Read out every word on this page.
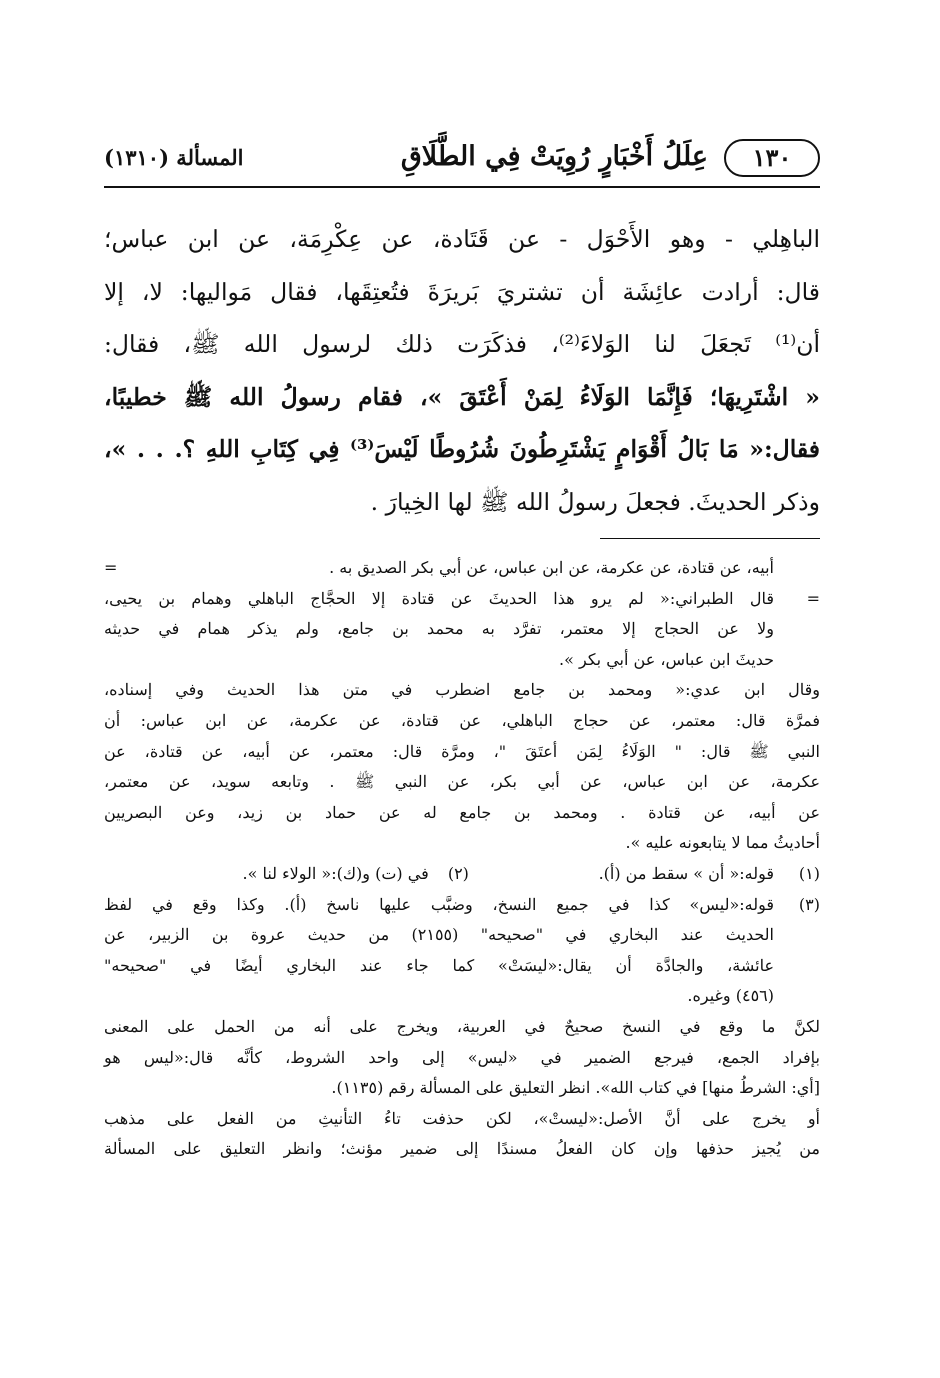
١٣٠
عِلَلُ أَخْبَارٍ رُوِيَتْ فِي الطَّلَاقِ
المسألة (١٣١٠)

الباهِلي - وهو الأَحْوَل - عن قَتَادة، عن عِكْرِمَة، عن ابن عباس؛

قال: أرادت عائِشَة أن تشتريَ بَريرَةَ فتُعتِقَها، فقال مَواليها: لا، إلا

أن⁽¹⁾ تَجعَلَ لنا الوَلاءَ⁽²⁾، فذكَرَت ذلك لرسول الله ﷺ، فقال:

« اشْتَرِيهَا؛ فَإِنَّمَا الوَلَاءُ لِمَنْ أَعْتَقَ »، فقام رسولُ الله ﷺ خطيبًا،

فقال:« مَا بَالُ أَقْوَامٍ يَشْتَرِطُونَ شُرُوطًا لَيْسَ⁽³⁾ فِي كِتَابِ اللهِ ؟. . . »،

وذكر الحديثَ. فجعلَ رسولُ الله ﷺ لها الخِيارَ .

أبيه، عن قتادة، عن عكرمة، عن ابن عباس، عن أبي بكر الصديق به .
=
=
قال الطبراني:« لم يرو هذا الحديثَ عن قتادة إلا الحجَّاج الباهلي وهمام بن يحيى،
ولا عن الحجاج إلا معتمر، تفرَّد به محمد بن جامع، ولم يذكر همام في حديثه
حديثَ ابن عباس، عن أبي بكر ».
وقال ابن عدي:« ومحمد بن جامع اضطرب في متن هذا الحديث وفي إسناده،
فمرَّة قال: معتمر، عن حجاج الباهلي، عن قتادة، عن عكرمة، عن ابن عباس: أن
النبي ﷺ قال: " الوَلَاءُ لِمَن أعتَقَ "، ومرَّة قال: معتمر، عن أبيه، عن قتادة، عن
عكرمة، عن ابن عباس، عن أبي بكر، عن النبي ﷺ . وتابعه سويد، عن معتمر،
عن أبيه، عن قتادة . ومحمد بن جامع له عن حماد بن زيد، وعن البصريين
أحاديثُ مما لا يتابعونه عليه ».
(١)
قوله:« أن » سقط من (أ). (٢) في (ت) و(ك):« الولاء لنا ».
(٣)
قوله:«ليس» كذا في جميع النسخ، وضبَّب عليها ناسخ (أ). وكذا وقع في لفظ
الحديث عند البخاري في "صحيحه" (٢١٥٥) من حديث عروة بن الزبير، عن
عائشة، والجادَّة أن يقال:«ليسَتْ» كما جاء عند البخاري أيضًا في "صحيحه"
(٤٥٦) وغيره.
لكنَّ ما وقع في النسخ صحيحٌ في العربية، ويخرج على أنه من الحمل على المعنى
بإفراد الجمع، فيرجع الضمير في «ليس» إلى واحد الشروط، كأنَّه قال:«ليس هو
[أي: الشرطُ منها] في كتاب الله». انظر التعليق على المسألة رقم (١١٣٥).
أو يخرج على أنَّ الأصل:«ليستْ»، لكن حذفت تاءُ التأنيثِ من الفعل على مذهب
من يُجيز حذفها وإن كان الفعلُ مسندًا إلى ضمير مؤنث؛ وانظر التعليق على المسألة
